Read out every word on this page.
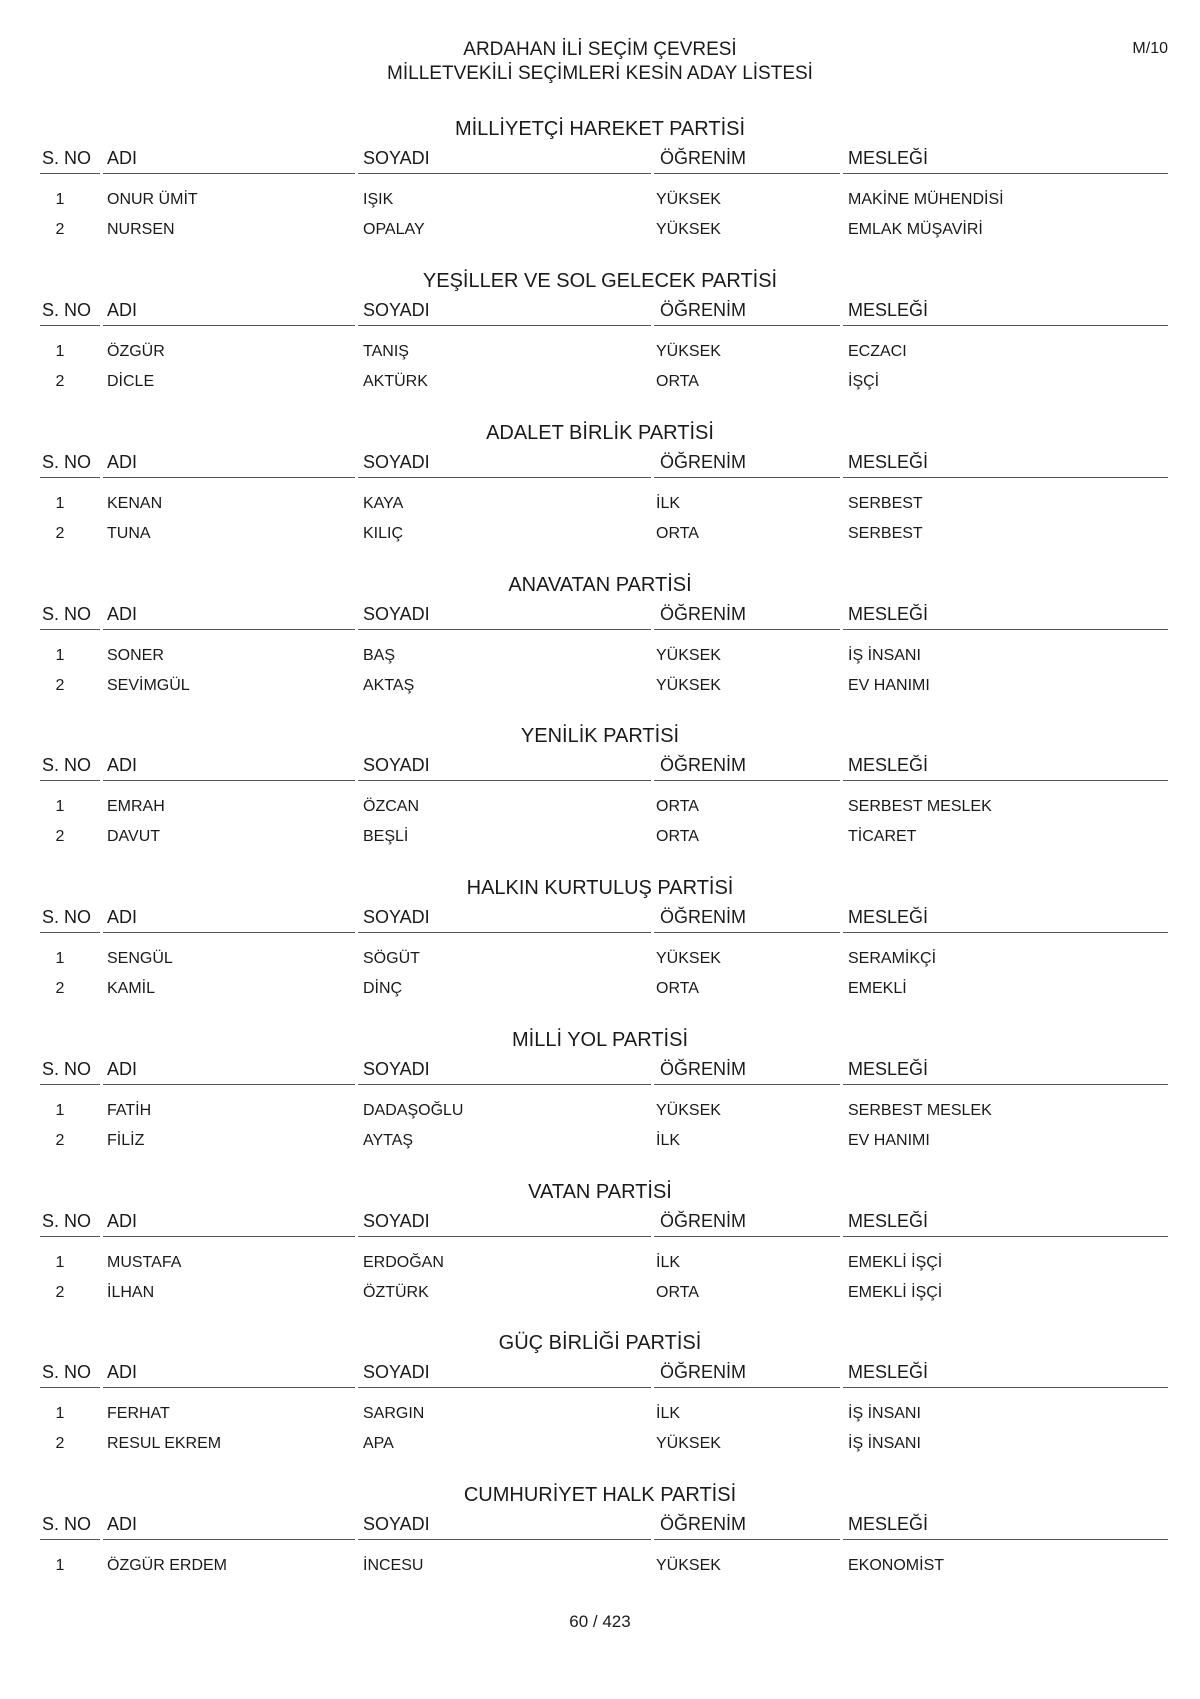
ARDAHAN İLİ SEÇİM ÇEVRESİ
MİLLETVEKİLİ SEÇİMLERİ KESİN ADAY LİSTESİ
M/10
MİLLİYETÇİ HAREKET PARTİSİ
S. NO ADI	SOYADI	ÖĞRENİM	MESLEĞİ
1	ONUR ÜMİT	IŞIK	YÜKSEK	MAKİNE MÜHENDİSİ
2	NURSEN	OPALAY	YÜKSEK	EMLAK MÜŞAVİRİ
YEŞİLLER VE SOL GELECEK PARTİSİ
S. NO ADI	SOYADI	ÖĞRENİM	MESLEĞİ
1	ÖZGÜR	TANIŞ	YÜKSEK	ECZACI
2	DİCLE	AKTÜRK	ORTA	İŞÇİ
ADALET BİRLİK PARTİSİ
S. NO ADI	SOYADI	ÖĞRENİM	MESLEĞİ
1	KENAN	KAYA	İLK	SERBEST
2	TUNA	KILIÇ	ORTA	SERBEST
ANAVATAN PARTİSİ
S. NO ADI	SOYADI	ÖĞRENİM	MESLEĞİ
1	SONER	BAŞ	YÜKSEK	İŞ İNSANI
2	SEVİMGÜL	AKTAŞ	YÜKSEK	EV HANIMI
YENİLİK PARTİSİ
S. NO ADI	SOYADI	ÖĞRENİM	MESLEĞİ
1	EMRAH	ÖZCAN	ORTA	SERBEST MESLEK
2	DAVUT	BEŞLİ	ORTA	TİCARET
HALKIN KURTULUŞ PARTİSİ
S. NO ADI	SOYADI	ÖĞRENİM	MESLEĞİ
1	SENGÜL	SÖGÜT	YÜKSEK	SERAMİKÇİ
2	KAMİL	DİNÇ	ORTA	EMEKLİ
MİLLİ YOL PARTİSİ
S. NO ADI	SOYADI	ÖĞRENİM	MESLEĞİ
1	FATİH	DADAŞOĞLU	YÜKSEK	SERBEST MESLEK
2	FİLİZ	AYTAŞ	İLK	EV HANIMI
VATAN PARTİSİ
S. NO ADI	SOYADI	ÖĞRENİM	MESLEĞİ
1	MUSTAFA	ERDOĞAN	İLK	EMEKLİ İŞÇİ
2	İLHAN	ÖZTÜRK	ORTA	EMEKLİ İŞÇİ
GÜÇ BİRLİĞİ PARTİSİ
S. NO ADI	SOYADI	ÖĞRENİM	MESLEĞİ
1	FERHAT	SARGIN	İLK	İŞ İNSANI
2	RESUL EKREM	APA	YÜKSEK	İŞ İNSANI
CUMHURİYET HALK PARTİSİ
S. NO ADI	SOYADI	ÖĞRENİM	MESLEĞİ
1	ÖZGÜR ERDEM	İNCESU	YÜKSEK	EKONOMİST
60 / 423
